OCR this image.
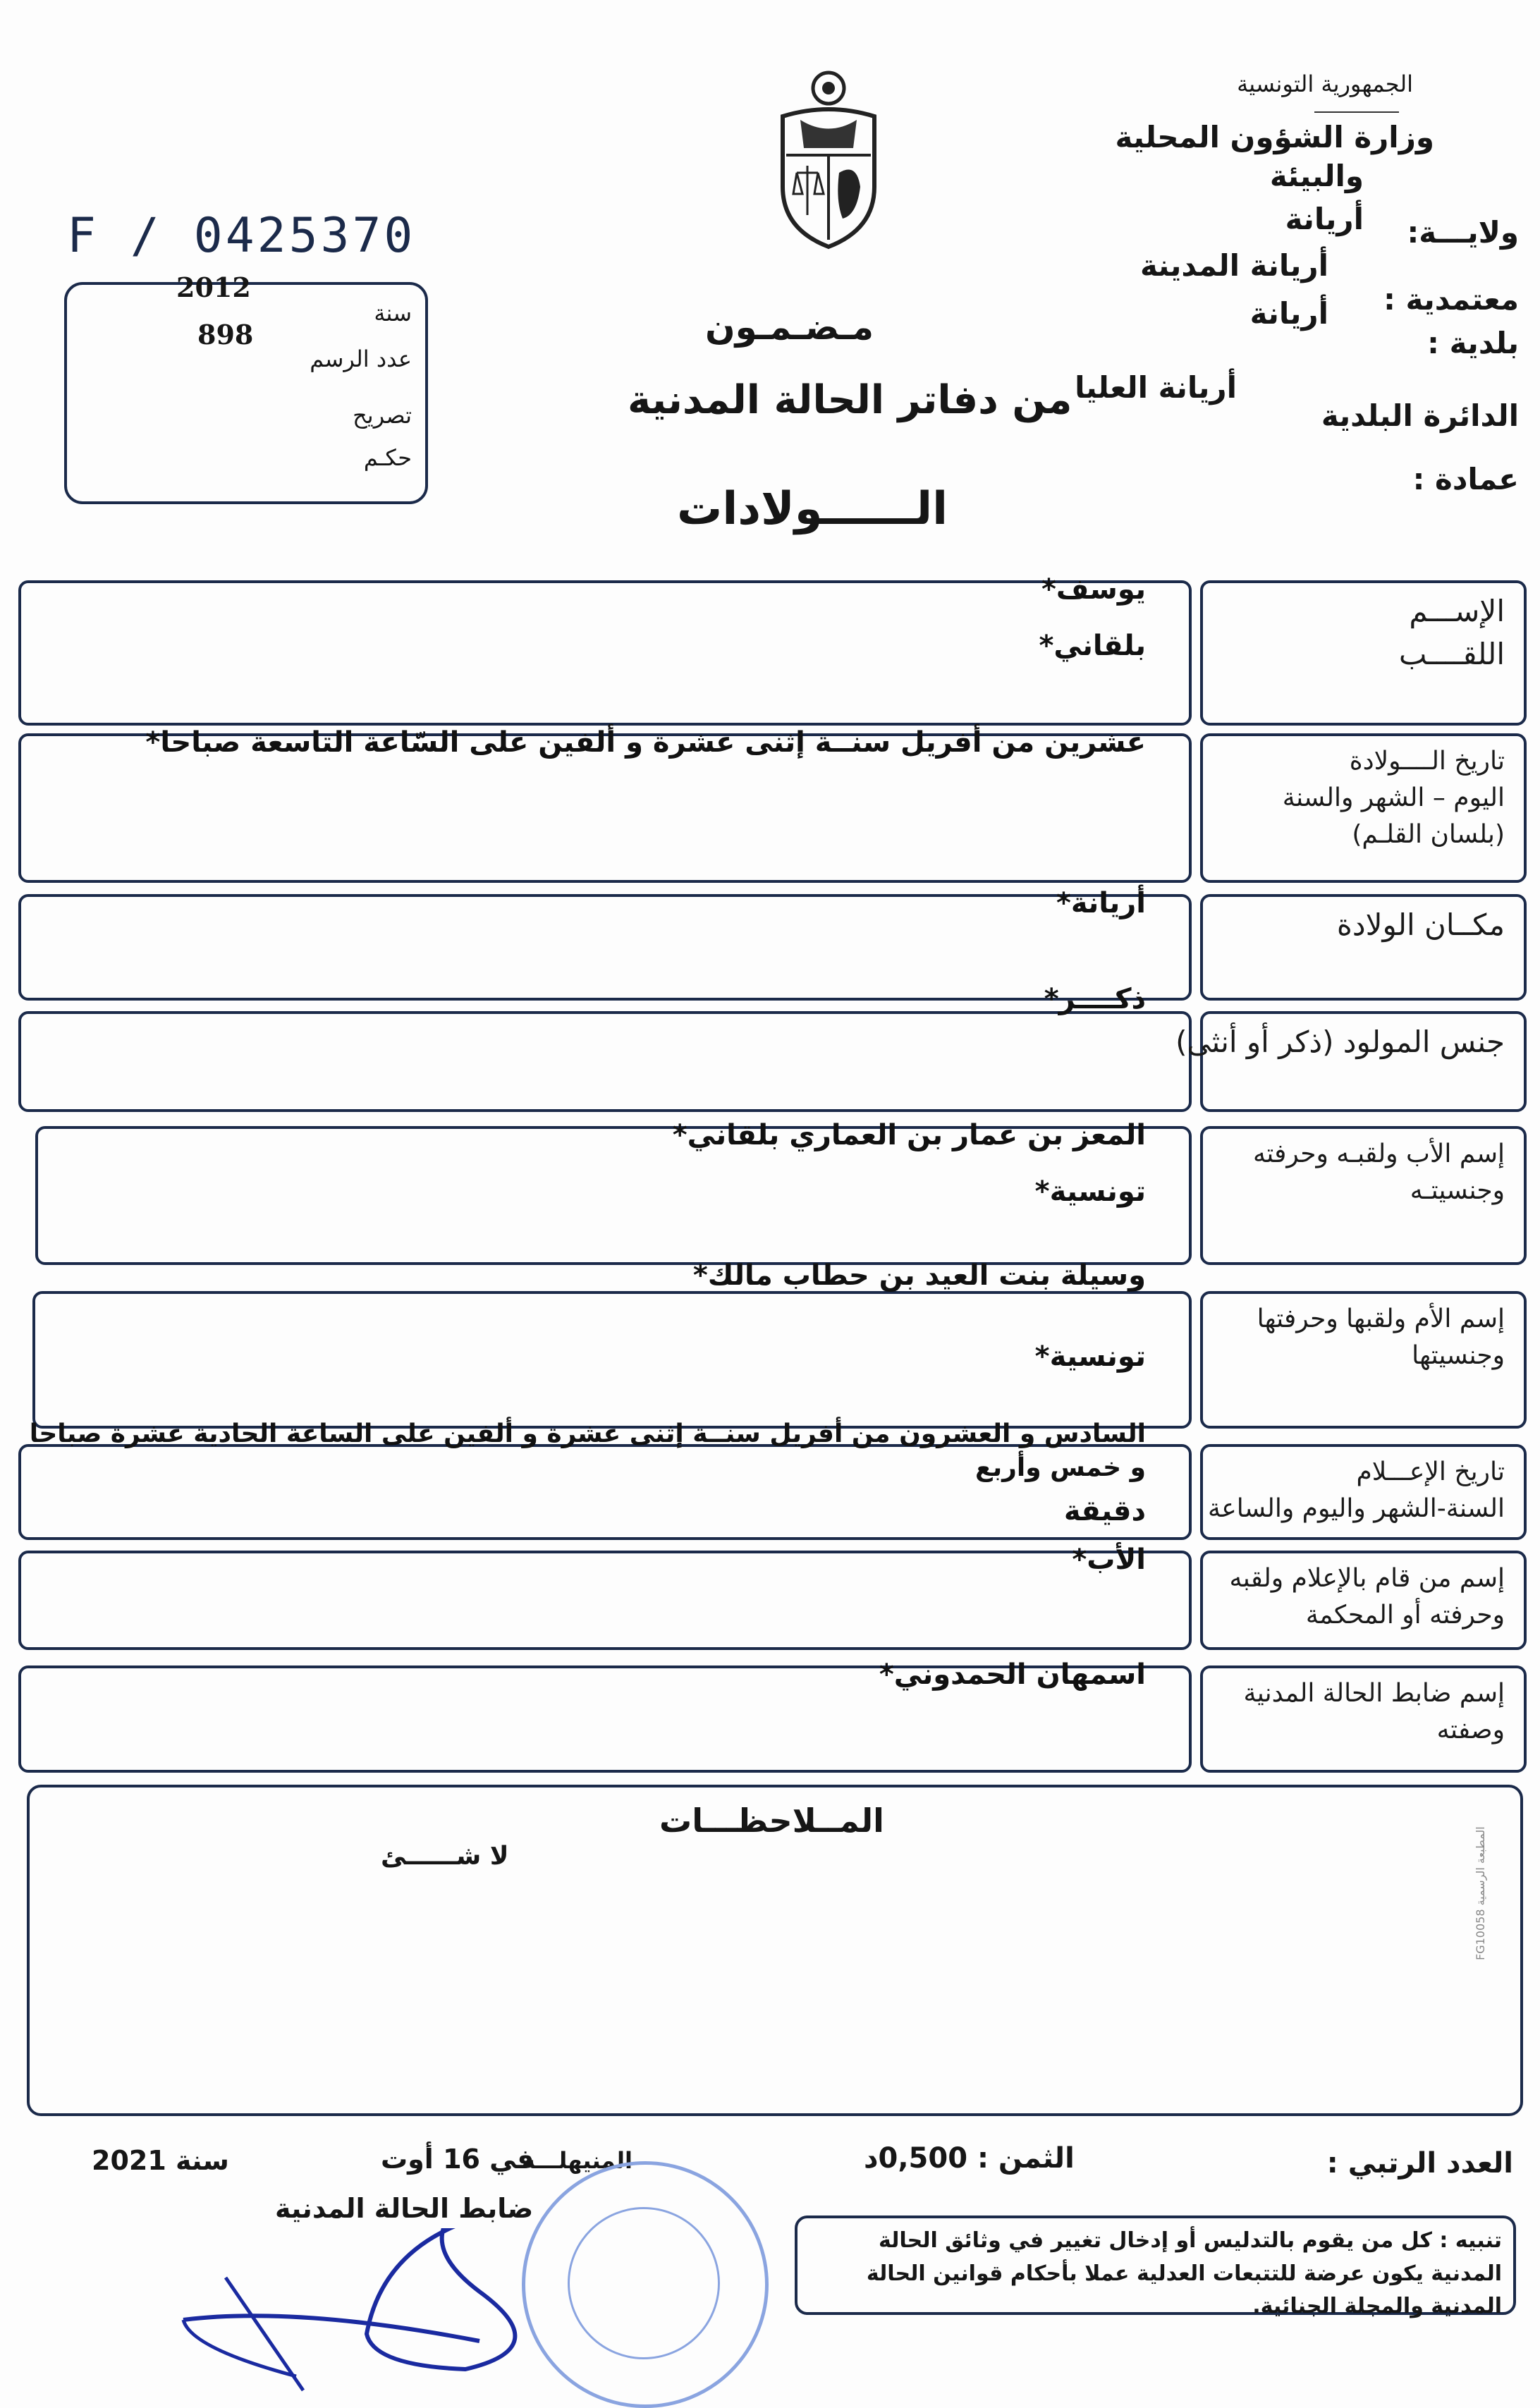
الجمهورية التونسية
وزارة الشؤون المحلية
والبيئة
أريانة ولايـــة:
أريانة المدينة
معتمدية :
أريانة
بلدية :
أريانة العليا
الدائرة البلدية
عمادة :
F / 0425370
2012
سنة
898
عدد الرسم
تصريح
حكـم
مـضـمـون
من دفاتر الحالة المدنية
الــــــولادات
الإســـم
اللقــــب
يوسف*
بلقاني*
تاريخ الــــولادة
اليوم – الشهر والسنة
(بلسان القلـم)
عشرين من أفريل سنــة إثنى عشرة و ألفين على السّاعة التاسعة صباحا*
مكــان الولادة
أريانة*
جنس المولود (ذكر أو أنثى)
ذكــــر*
إسم الأب ولقبـه وحرفته
وجنسيتـه
المعز بن عمار بن العماري بلقاني*
تونسية*
إسم الأم ولقبها وحرفتها
وجنسيتها
وسيلة بنت العيد بن حطاب مالك*
تونسية*
تاريخ الإعـــلام
السنة-الشهر واليوم والساعة
السادس و العشرون من أفريل سنــة إثنى عشرة و ألفين على الساعة الحادية عشرة صباحا و خمس وأربع
دقيقة
إسم من قام بالإعلام ولقبه
وحرفته أو المحكمة
الأب*
إسم ضابط الحالة المدنية
وصفته
اسمهان الحمدوني*
المــلاحظـــات
لا شــــــئ
المطبعة الرسمية FG10058
العدد الرتبي :
الثمن : 0,500د
المنيهلـــة
في 16 أوت
سنة 2021
ضابط الحالة المدنية
تنبيه : كل من يقوم بالتدليس أو إدخال تغيير في وثائق الحالة المدنية يكون عرضة للتتبعات العدلية عملا بأحكام قوانين الحالة المدنية والمجلة الجنائية.
